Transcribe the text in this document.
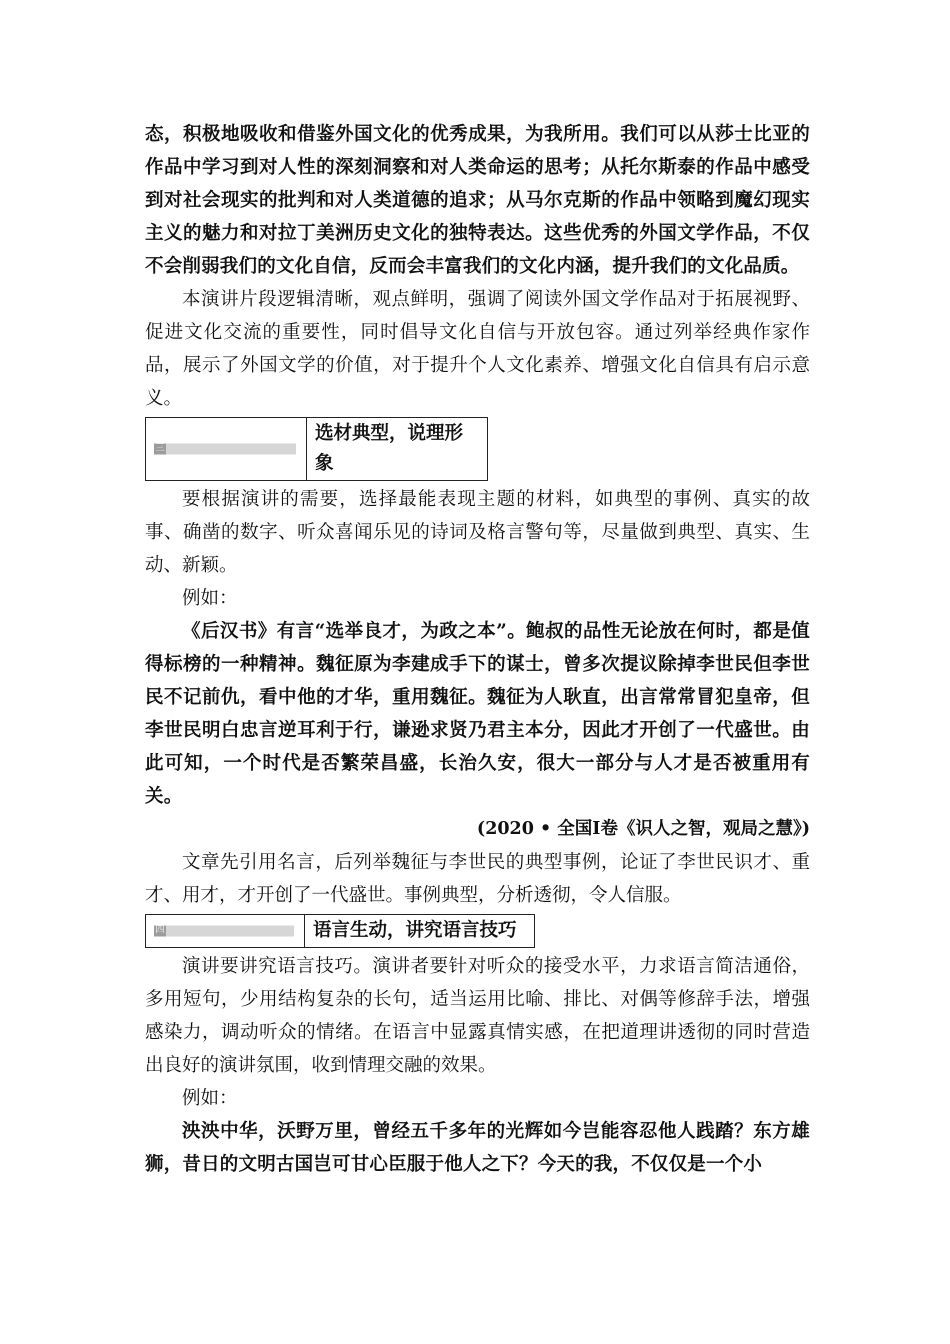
态，积极地吸收和借鉴外国文化的优秀成果，为我所用。我们可以从莎士比亚的作品中学习到对人性的深刻洞察和对人类命运的思考；从托尔斯泰的作品中感受到对社会现实的批判和对人类道德的追求；从马尔克斯的作品中领略到魔幻现实主义的魅力和对拉丁美洲历史文化的独特表达。这些优秀的外国文学作品，不仅不会削弱我们的文化自信，反而会丰富我们的文化内涵，提升我们的文化品质。

本演讲片段逻辑清晰，观点鲜明，强调了阅读外国文学作品对于拓展视野、促进文化交流的重要性，同时倡导文化自信与开放包容。通过列举经典作家作品，展示了外国文学的价值，对于提升个人文化素养、增强文化自信具有启示意义。

三
选材典型，说理形象

要根据演讲的需要，选择最能表现主题的材料，如典型的事例、真实的故事、确凿的数字、听众喜闻乐见的诗词及格言警句等，尽量做到典型、真实、生动、新颖。

例如：

《后汉书》有言“选举良才，为政之本”。鲍叔的品性无论放在何时，都是值得标榜的一种精神。魏征原为李建成手下的谋士，曾多次提议除掉李世民但李世民不记前仇，看中他的才华，重用魏征。魏征为人耿直，出言常常冒犯皇帝，但李世民明白忠言逆耳利于行，谦逊求贤乃君主本分，因此才开创了一代盛世。由此可知，一个时代是否繁荣昌盛，长治久安，很大一部分与人才是否被重用有关。

(2020 • 全国Ⅰ卷《识人之智，观局之慧》)

文章先引用名言，后列举魏征与李世民的典型事例，论证了李世民识才、重才、用才，才开创了一代盛世。事例典型，分析透彻，令人信服。

四	语言生动，讲究语言技巧

演讲要讲究语言技巧。演讲者要针对听众的接受水平，力求语言简洁通俗，多用短句，少用结构复杂的长句，适当运用比喻、排比、对偶等修辞手法，增强感染力，调动听众的情绪。在语言中显露真情实感，在把道理讲透彻的同时营造出良好的演讲氛围，收到情理交融的效果。

例如：

泱泱中华，沃野万里，曾经五千多年的光辉如今岂能容忍他人践踏？东方雄狮，昔日的文明古国岂可甘心臣服于他人之下？今天的我，不仅仅是一个小
